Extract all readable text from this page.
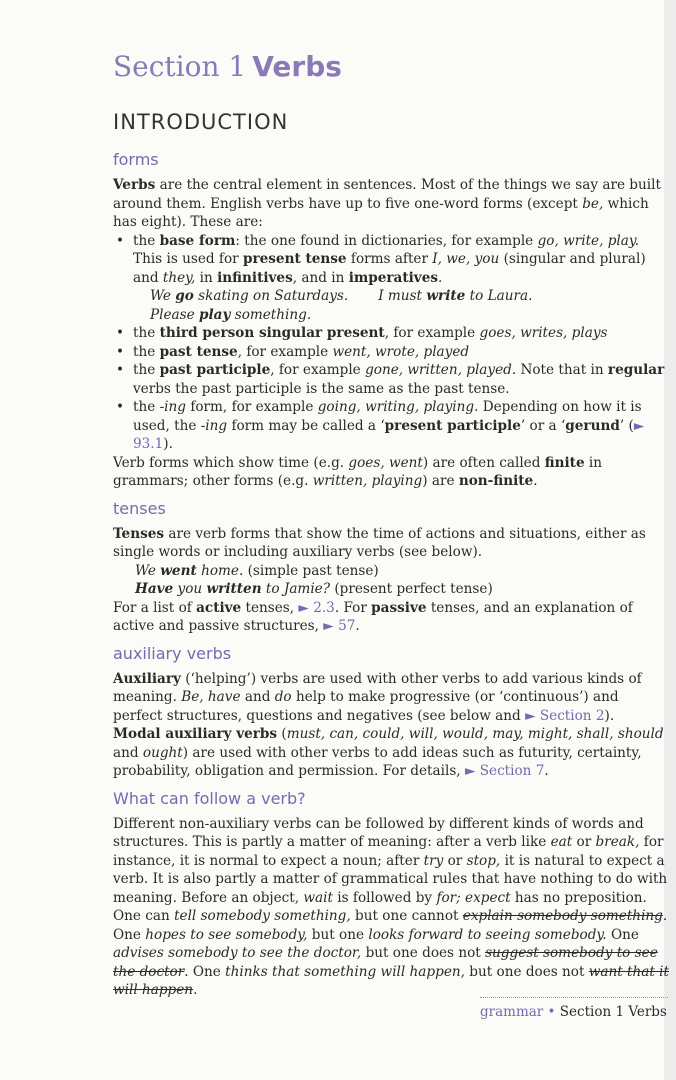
Section 1 Verbs
INTRODUCTION
forms

Verbs are the central element in sentences. Most of the things we say are built around them. English verbs have up to five one-word forms (except be, which has eight). These are:

• the base form: the one found in dictionaries, for example go, write, play. This is used for present tense forms after I, we, you (singular and plural) and they, in infinitives, and in imperatives.
We go skating on Saturdays. I must write to Laura.
Please play something.
• the third person singular present, for example goes, writes, plays
• the past tense, for example went, wrote, played
• the past participle, for example gone, written, played. Note that in regular verbs the past participle is the same as the past tense.
• the -ing form, for example going, writing, playing. Depending on how it is used, the -ing form may be called a ‘present participle’ or a ‘gerund’ (► 93.1).

Verb forms which show time (e.g. goes, went) are often called finite in grammars; other forms (e.g. written, playing) are non-finite.

tenses

Tenses are verb forms that show the time of actions and situations, either as single words or including auxiliary verbs (see below).

We went home. (simple past tense)
Have you written to Jamie? (present perfect tense)

For a list of active tenses, ► 2.3. For passive tenses, and an explanation of active and passive structures, ► 57.

auxiliary verbs

Auxiliary (‘helping’) verbs are used with other verbs to add various kinds of meaning. Be, have and do help to make progressive (or ‘continuous’) and perfect structures, questions and negatives (see below and ► Section 2).

Modal auxiliary verbs (must, can, could, will, would, may, might, shall, should and ought) are used with other verbs to add ideas such as futurity, certainty, probability, obligation and permission. For details, ► Section 7.

What can follow a verb?

Different non-auxiliary verbs can be followed by different kinds of words and structures. This is partly a matter of meaning: after a verb like eat or break, for instance, it is normal to expect a noun; after try or stop, it is natural to expect a verb. It is also partly a matter of grammatical rules that have nothing to do with meaning. Before an object, wait is followed by for; expect has no preposition. One can tell somebody something, but one cannot explain somebody something. One hopes to see somebody, but one looks forward to seeing somebody. One advises somebody to see the doctor, but one does not suggest somebody to see the doctor. One thinks that something will happen, but one does not want that it will happen.

grammar • Section 1 Verbs
